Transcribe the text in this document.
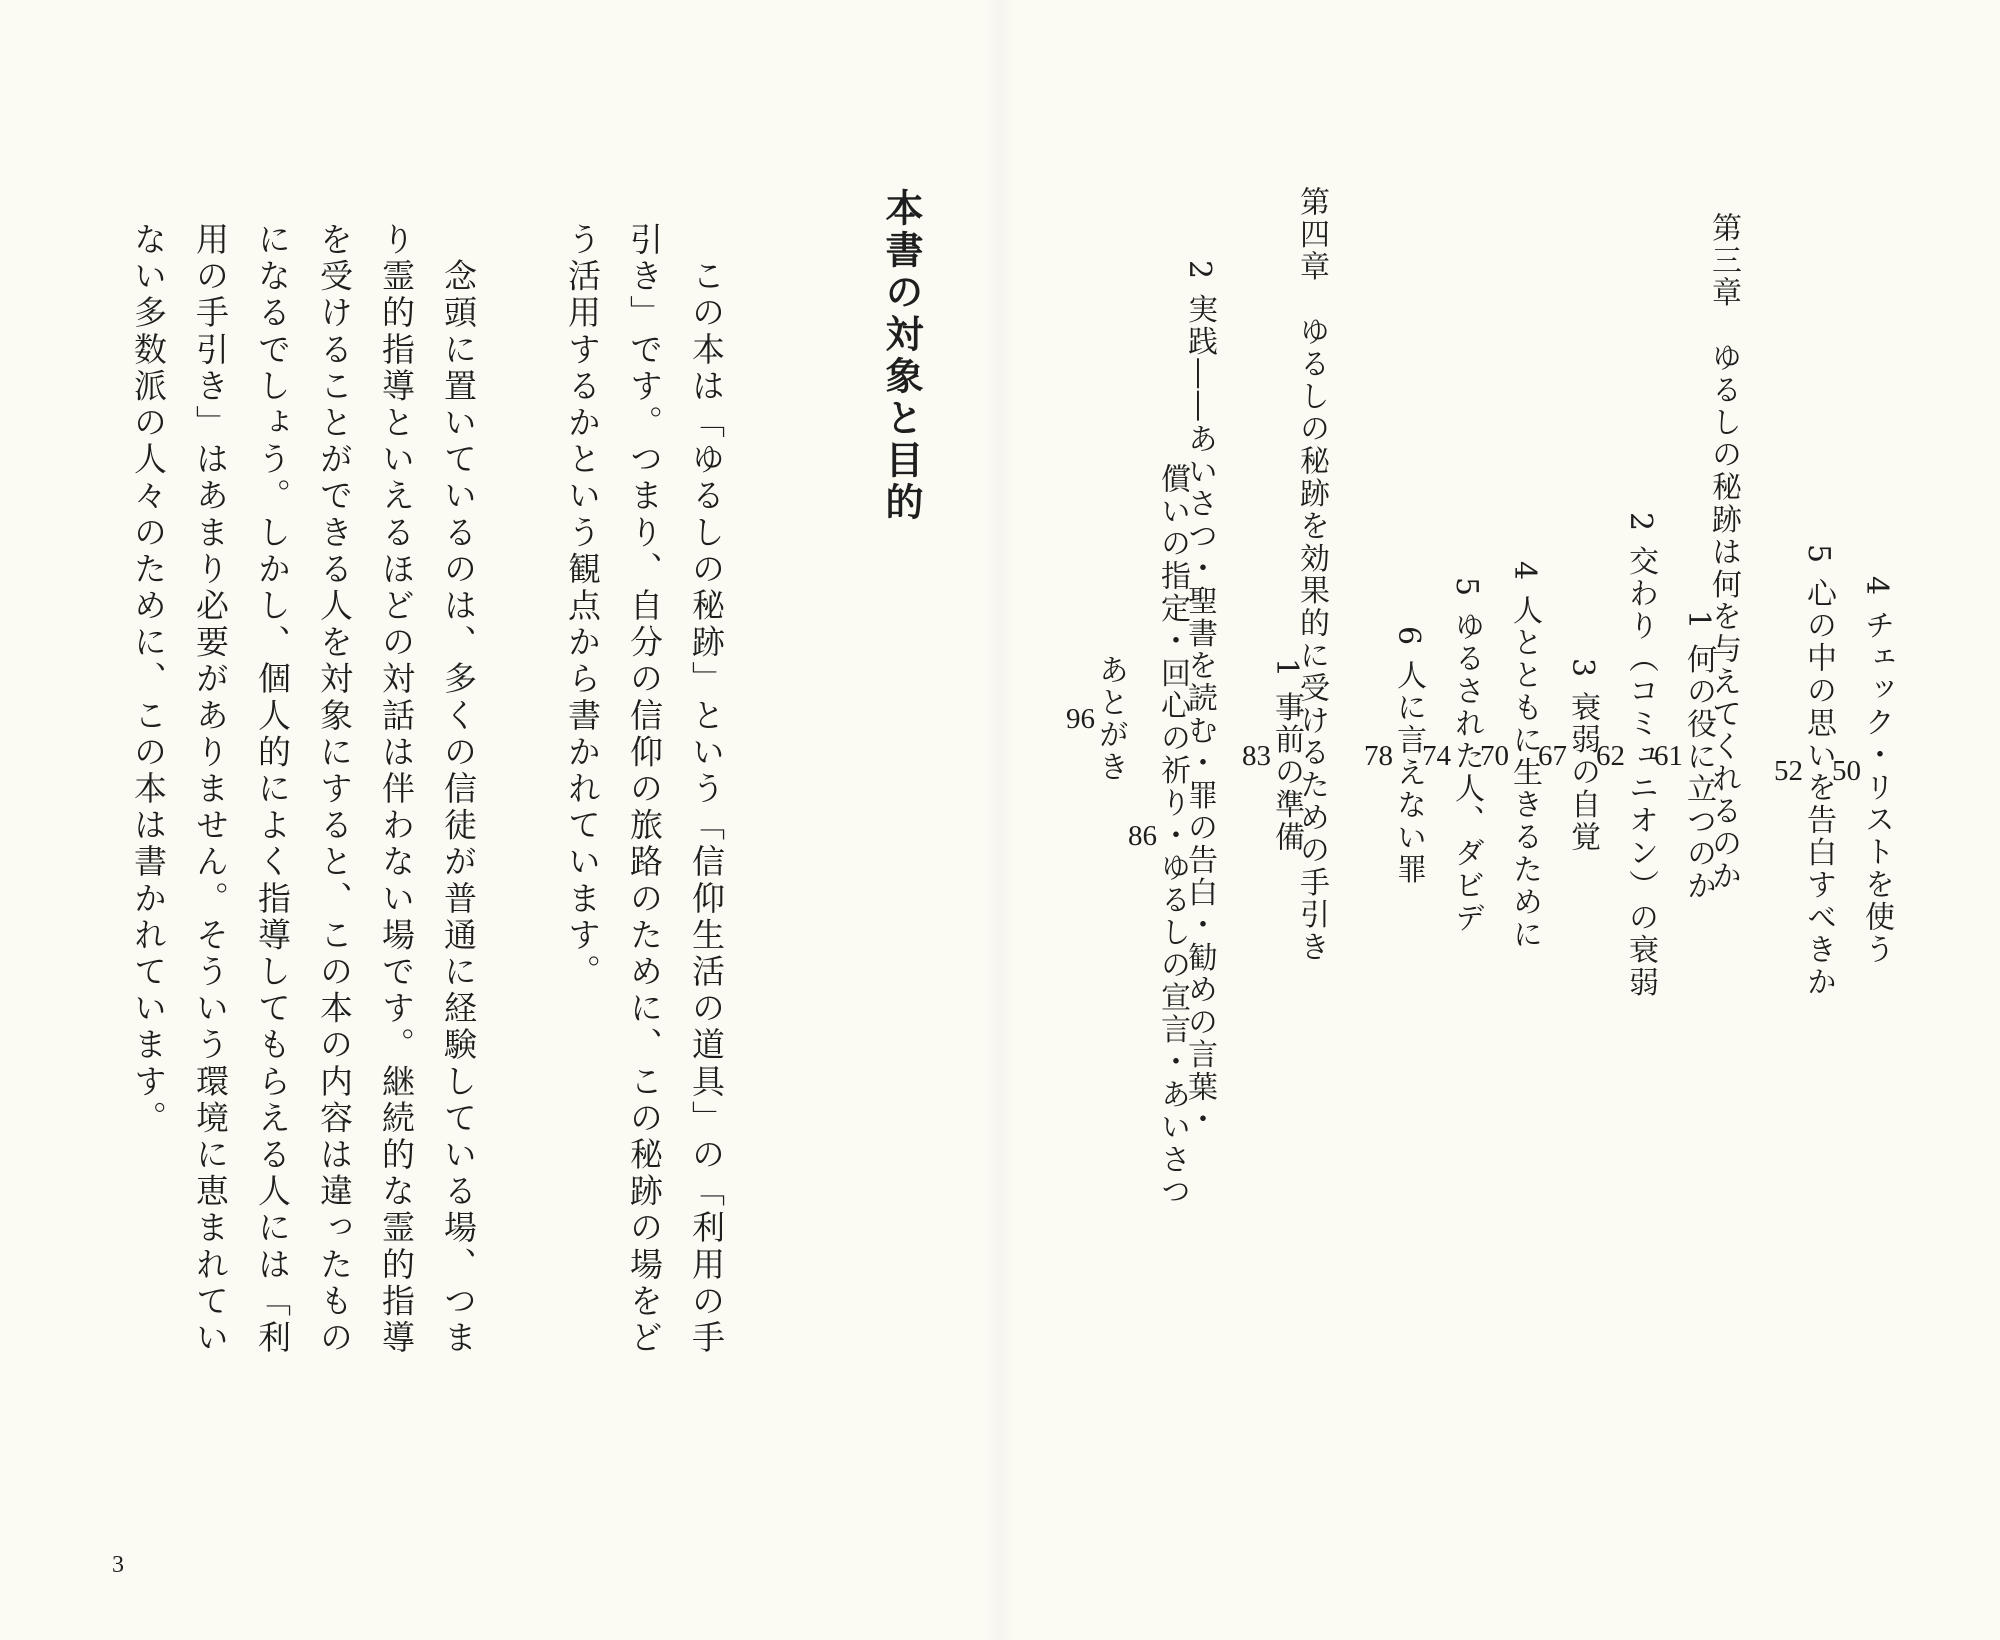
4 チェック・リストを使う
50
5 心の中の思いを告白すべきか
52
第三章　ゆるしの秘跡は何を与えてくれるのか
1 何の役に立つのか
61
2 交わり（コミュニオン）の衰弱
62
3 衰弱の自覚
67
4 人とともに生きるために
70
5 ゆるされた人、ダビデ
74
6 人に言えない罪
78
第四章　ゆるしの秘跡を効果的に受けるための手引き
1 事前の準備
83
2 実践――あいさつ・聖書を読む・罪の告白・勧めの言葉・
償いの指定・回心の祈り・ゆるしの宣言・あいさつ
86
あとがき
96
本書の対象と目的
　この本は「ゆるしの秘跡」という「信仰生活の道具」の「利用の手
引き」です。つまり、自分の信仰の旅路のために、この秘跡の場をど
う活用するかという観点から書かれています。
　念頭に置いているのは、多くの信徒が普通に経験している場、つま
り霊的指導といえるほどの対話は伴わない場です。継続的な霊的指導
を受けることができる人を対象にすると、この本の内容は違ったもの
になるでしょう。しかし、個人的によく指導してもらえる人には「利
用の手引き」はあまり必要がありません。そういう環境に恵まれてい
ない多数派の人々のために、この本は書かれています。
3
